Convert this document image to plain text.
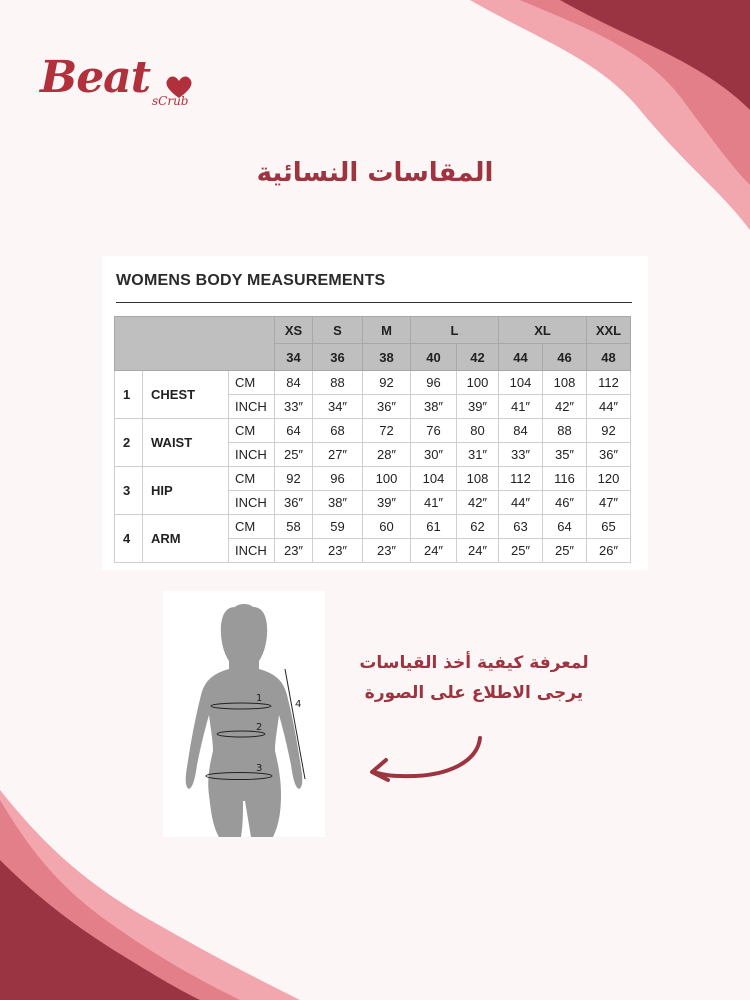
Beat sCrub
المقاسات النسائية
WOMENS BODY MEASUREMENTS
			XS	S	M	L		XL		XXL
			34	36	38	40	42	44	46	48
1	CHEST	CM	84	88	92	96	100	104	108	112
		INCH	33″	34″	36″	38″	39″	41″	42″	44″
2	WAIST	CM	64	68	72	76	80	84	88	92
		INCH	25″	27″	28″	30″	31″	33″	35″	36″
3	HIP	CM	92	96	100	104	108	112	116	120
		INCH	36″	38″	39″	41″	42″	44″	46″	47″
4	ARM	CM	58	59	60	61	62	63	64	65
		INCH	23″	23″	23″	24″	24″	25″	25″	26″
1
2
3
4
لمعرفة كيفية أخذ القياسات
يرجى الاطلاع على الصورة
